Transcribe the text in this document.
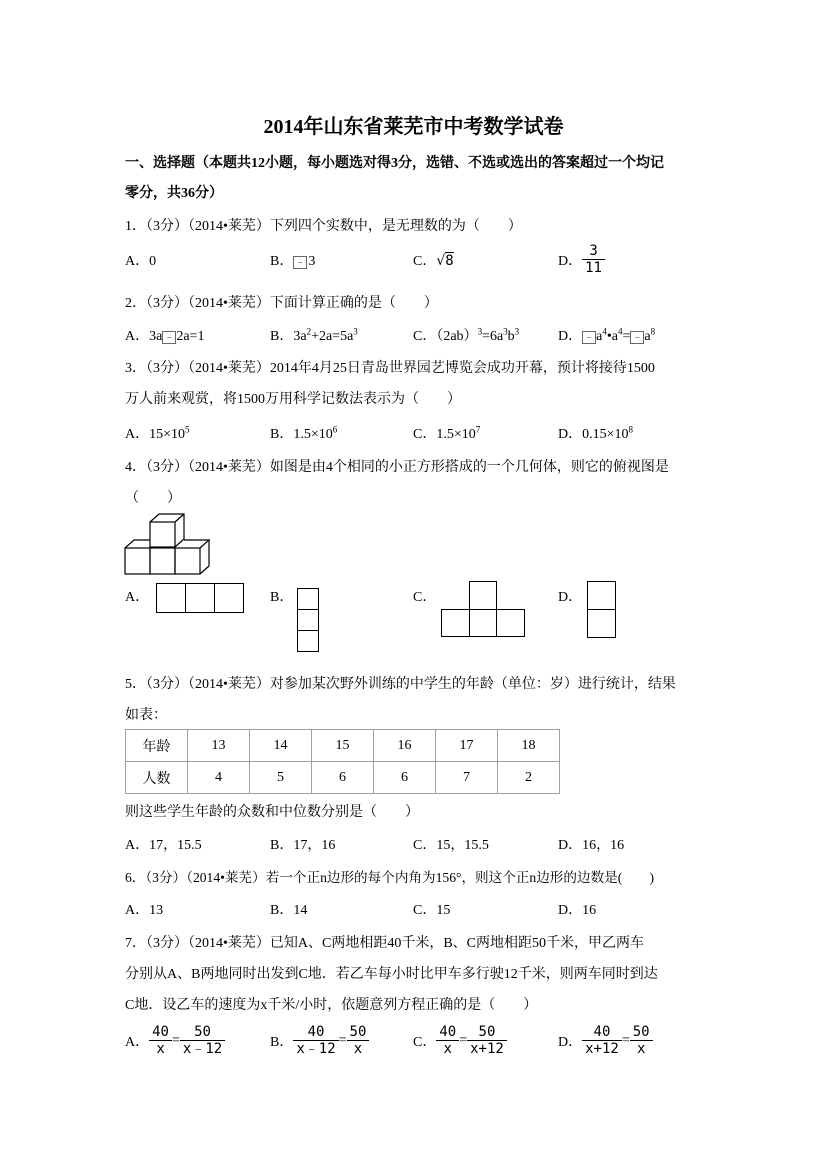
2014年山东省莱芜市中考数学试卷
一、选择题（本题共12小题，每小题选对得3分，选错、不选或选出的答案超过一个均记
零分，共36分）
1．（3分）（2014•莱芜）下列四个实数中，是无理数的为（　　）
A．0	B． ﹣ 3	C．√8	D． $\frac{3}{11}$
2．（3分）（2014•莱芜）下面计算正确的是（　　）
A．3a ﹣ 2a=1	B．$3a^2+2a=5a^3$	C．$(2ab)^3=6a^3b^3$	D． ﹣ $a^4•a^4=$ ﹣ $a^8$
3．（3分）（2014•莱芜）2014年4月25日青岛世界园艺博览会成功开幕，预计将接待1500
万人前来观赏，将1500万用科学记数法表示为（　　）
A．$15\times 10^5$	B．$1.5\times 10^6$	C．$1.5\times 10^7$	D．$0.15\times 10^8$
4．（3分）（2014•莱芜）如图是由4个相同的小正方形搭成的一个几何体，则它的俯视图是
（　　）
A．	B．	C．	D．
5．（3分）（2014•莱芜）对参加某次野外训练的中学生的年龄（单位：岁）进行统计，结果
如表：
年龄	13	14	15	16	17	18
人数	4	5	6	6	7	2
则这些学生年龄的众数和中位数分别是（　　）
A．17，15.5	B．17，16	C．15，15.5	D．16，16
6．（3分）（2014•莱芜）若一个正n边形的每个内角为156°，则这个正n边形的边数是(　　)
A．13	B．14	C．15	D．16
7．（3分）（2014•莱芜）已知A、C两地相距40千米，B、C两地相距50千米，甲乙两车
分别从A、B两地同时出发到C地．若乙车每小时比甲车多行驶12千米，则两车同时到达
C地．设乙车的速度为x千米/小时，依题意列方程正确的是（　　）
A． $\frac{40}{x} = \frac{50}{x﹣12}$	B． $\frac{40}{x﹣12} = \frac{50}{x}$	C． $\frac{40}{x} = \frac{50}{x+12}$	D． $\frac{40}{x+12} = \frac{50}{x}$
